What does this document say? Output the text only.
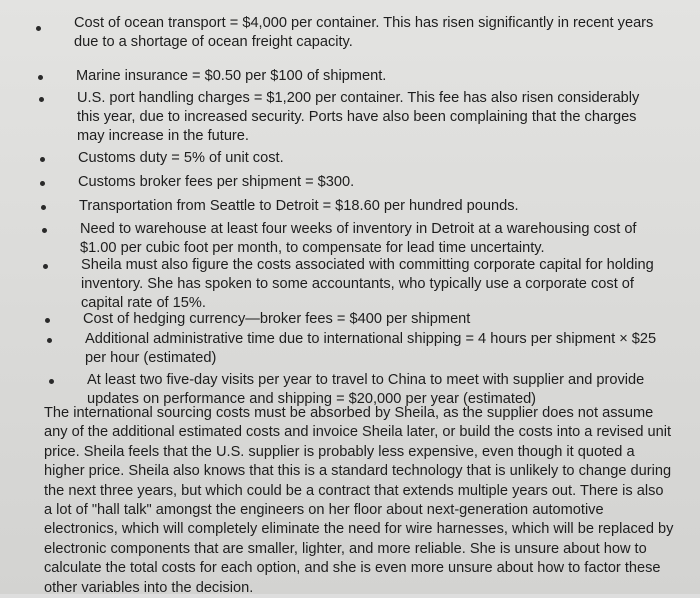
Cost of ocean transport = $4,000 per container. This has risen significantly in recent years due to a shortage of ocean freight capacity.
Marine insurance = $0.50 per $100 of shipment.
U.S. port handling charges = $1,200 per container. This fee has also risen considerably this year, due to increased security. Ports have also been complaining that the charges may increase in the future.
Customs duty = 5% of unit cost.
Customs broker fees per shipment = $300.
Transportation from Seattle to Detroit = $18.60 per hundred pounds.
Need to warehouse at least four weeks of inventory in Detroit at a warehousing cost of $1.00 per cubic foot per month, to compensate for lead time uncertainty.
Sheila must also figure the costs associated with committing corporate capital for holding inventory. She has spoken to some accountants, who typically use a corporate cost of capital rate of 15%.
Cost of hedging currency—broker fees = $400 per shipment
Additional administrative time due to international shipping = 4 hours per shipment × $25 per hour (estimated)
At least two five-day visits per year to travel to China to meet with supplier and provide updates on performance and shipping = $20,000 per year (estimated)
The international sourcing costs must be absorbed by Sheila, as the supplier does not assume any of the additional estimated costs and invoice Sheila later, or build the costs into a revised unit price. Sheila feels that the U.S. supplier is probably less expensive, even though it quoted a higher price. Sheila also knows that this is a standard technology that is unlikely to change during the next three years, but which could be a contract that extends multiple years out. There is also a lot of "hall talk" amongst the engineers on her floor about next-generation automotive electronics, which will completely eliminate the need for wire harnesses, which will be replaced by electronic components that are smaller, lighter, and more reliable. She is unsure about how to calculate the total costs for each option, and she is even more unsure about how to factor these other variables into the decision.
